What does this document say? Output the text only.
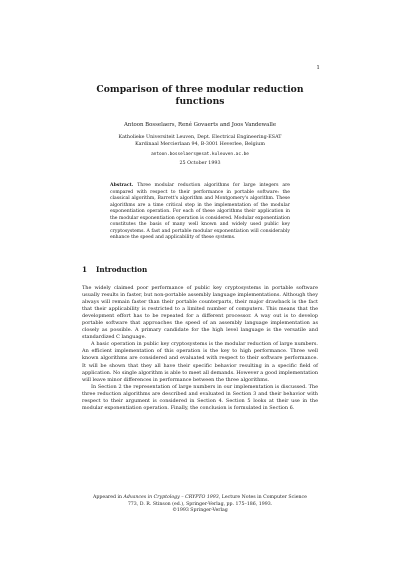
1
Comparison of three modular reduction functions
Antoon Bosselaers, René Govaerts and Joos Vandewalle
Katholieke Universiteit Leuven, Dept. Electrical Engineering-ESAT
Kardinaal Mercierlaan 94, B-3001 Heverlee, Belgium
antoon.bosselaers@esat.kuleuven.ac.be
25 October 1993
Abstract. Three modular reduction algorithms for large integers are compared with respect to their performance in portable software: the classical algorithm, Barrett's algorithm and Montgomery's algorithm. These algorithms are a time critical step in the implementation of the modular exponentiation operation. For each of these algorithms their application in the modular exponentiation operation is considered. Modular exponentiation constitutes the basis of many well known and widely used public key cryptosystems. A fast and portable modular exponentiation will considerably enhance the speed and applicability of these systems.
1 Introduction

The widely claimed poor performance of public key cryptosystems in portable software usually results in faster, but non-portable assembly language implementations. Although they always will remain faster than their portable counterparts, their major drawback is the fact that their applicability is restricted to a limited number of computers. This means that the development effort has to be repeated for a different processor. A way out is to develop portable software that approaches the speed of an assembly language implementation as closely as possible. A primary candidate for the high level language is the versatile and standardized C language.

A basic operation in public key cryptosystems is the modular reduction of large numbers. An efficient implementation of this operation is the key to high performance. Three well known algorithms are considered and evaluated with respect to their software performance. It will be shown that they all have their specific behavior resulting in a specific field of application. No single algorithm is able to meet all demands. However a good implementation will leave minor differences in performance between the three algorithms.

In Section 2 the representation of large numbers in our implementation is discussed. The three reduction algorithms are described and evaluated in Section 3 and their behavior with respect to their argument is considered in Section 4. Section 5 looks at their use in the modular exponentiation operation. Finally, the conclusion is formulated in Section 6.

Appeared in Advances in Cryptology – CRYPTO 1993, Lecture Notes in Computer Science 773, D. R. Stinson (ed.), Springer-Verlag, pp. 175–186, 1993.
©1993 Springer-Verlag
